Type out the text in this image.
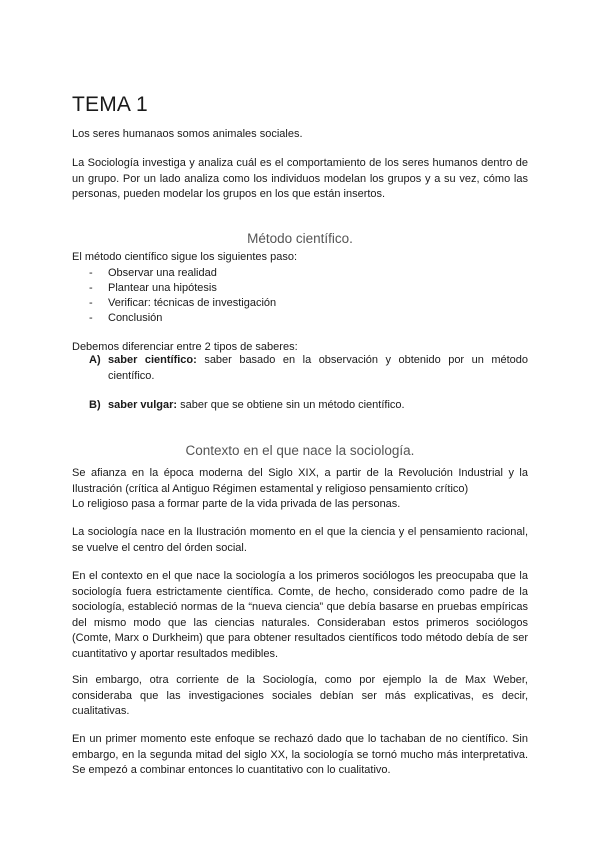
TEMA 1

Los seres humanaos somos animales sociales.

La Sociología investiga y analiza cuál es el comportamiento de los seres humanos dentro de un grupo. Por un lado analiza como los individuos modelan los grupos y a su vez, cómo las personas, pueden modelar los grupos en los que están insertos.

Método científico.

El método científico sigue los siguientes paso:

-	Observar una realidad
-	Plantear una hipótesis
-	Verificar: técnicas de investigación
-	Conclusión

Debemos diferenciar entre 2 tipos de saberes:

A) saber científico: saber basado en la observación y obtenido por un método científico.
B) saber vulgar: saber que se obtiene sin un método científico.
Contexto en el que nace la sociología.

Se afianza en la época moderna del Siglo XIX, a partir de la Revolución Industrial y la Ilustración (crítica al Antiguo Régimen estamental y religioso pensamiento crítico)

Lo religioso pasa a formar parte de la vida privada de las personas.

La sociología nace en la Ilustración momento en el que la ciencia y el pensamiento racional, se vuelve el centro del órden social.

En el contexto en el que nace la sociología a los primeros sociólogos les preocupaba que la sociología fuera estrictamente científica. Comte, de hecho, considerado como padre de la sociología, estableció normas de la “nueva ciencia” que debía basarse en pruebas empíricas del mismo modo que las ciencias naturales. Consideraban estos primeros sociólogos (Comte, Marx o Durkheim) que para obtener resultados científicos todo método debía de ser cuantitativo y aportar resultados medibles.

Sin embargo, otra corriente de la Sociología, como por ejemplo la de Max Weber, consideraba que las investigaciones sociales debían ser más explicativas, es decir, cualitativas.

En un primer momento este enfoque se rechazó dado que lo tachaban de no científico. Sin embargo, en la segunda mitad del siglo XX, la sociología se tornó mucho más interpretativa. Se empezó a combinar entonces lo cuantitativo con lo cualitativo.
